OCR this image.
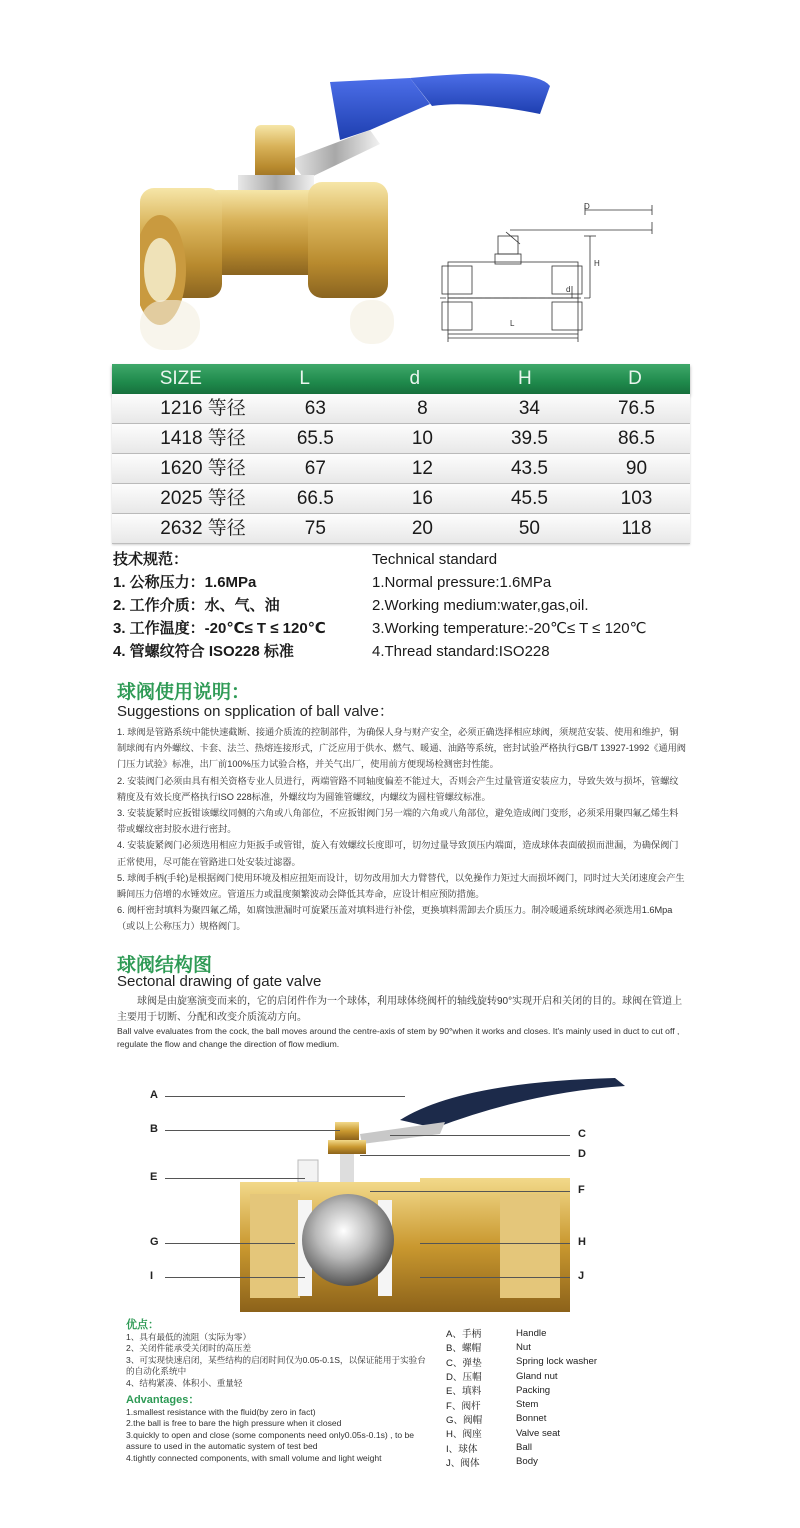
D
H
d
L
SIZE	L	d	H	D
1216 等径	63	8	34	76.5
1418 等径	65.5	10	39.5	86.5
1620 等径	67	12	43.5	90
2025 等径	66.5	16	45.5	103
2632 等径	75	20	50	118
技术规范：
1. 公称压力：1.6MPa
2. 工作介质：水、气、油
3. 工作温度：-20℃≤ T ≤ 120℃
4. 管螺纹符合 ISO228 标准
Technical standard
1.Normal pressure:1.6MPa
2.Working medium:water,gas,oil.
3.Working temperature:-20℃≤ T ≤ 120℃
4.Thread standard:ISO228
球阀使用说明：
Suggestions on spplication of ball valve：

1. 球阀是管路系统中能快速截断、接通介质流的控制部件，为确保人身与财产安全，必须正确选择相应球阀，须规范安装、使用和维护，铜制球阀有内外螺纹、卡套、法兰、热熔连接形式，广泛应用于供水、燃气、暖通、油路等系统，密封试验严格执行GB/T 13927-1992《通用阀门压力试验》标准，出厂前100%压力试验合格，并关气出厂，使用前方便现场检测密封性能。

2. 安装阀门必须由具有相关资格专业人员进行，两端管路不同轴度偏差不能过大，否则会产生过量管道安装应力，导致失效与损坏，管螺纹精度及有效长度严格执行ISO 228标准，外螺纹均为圆锥管螺纹，内螺纹为圆柱管螺纹标准。

3. 安装旋紧时应扳钳该螺纹同侧的六角或八角部位，不应扳钳阀门另一端的六角或八角部位，避免造成阀门变形，必须采用聚四氟乙烯生料带或螺纹密封胶水进行密封。

4. 安装旋紧阀门必须选用相应力矩扳手或管钳，旋入有效螺纹长度即可，切勿过量导致顶压内端面，造成球体表面破损而泄漏，为确保阀门正常使用，尽可能在管路进口处安装过滤器。

5. 球阀手柄(手轮)是根据阀门使用环境及相应扭矩而设计，切勿改用加大力臂替代，以免操作力矩过大而损坏阀门，同时过大关闭速度会产生瞬间压力倍增的水锤效应。管道压力或温度频繁波动会降低其寿命，应设计相应预防措施。

6. 阀杆密封填料为聚四氟乙烯，如腐蚀泄漏时可旋紧压盖对填料进行补偿，更换填料需卸去介质压力。制冷暖通系统球阀必须选用1.6Mpa（或以上公称压力）规格阀门。

球阀结构图
Sectonal drawing of gate valve
球阀是由旋塞演变而来的，它的启闭件作为一个球体，利用球体绕阀杆的轴线旋转90°实现开启和关闭的目的。球阀在管道上主要用于切断、分配和改变介质流动方向。
Ball valve evaluates from the cock, the ball moves around the centre-axis of stem by 90°when it works and closes. It's mainly used in duct to cut off , regulate the flow and change the direction of flow medium.
A
B	C
D
E
F
G	H
I	J

优点：

1、具有最低的流阻（实际为零）

2、关闭件能承受关闭时的高压差

3、可实现快速启闭，某些结构的启闭时间仅为0.05-0.1S，以保证能用于实验台的自动化系统中

4、结构紧凑、体积小、重量轻

Advantages：

1.smallest resistance with the fluid(by zero in fact)

2.the ball is free to bare the high pressure when it closed

3.quickly to open and close (some components need only0.05s-0.1s) , to be assure to used in the automatic system of test bed

4.tightly connected components, with small volume and light weight

A、手柄	Handle
B、螺帽	Nut
C、弹垫	Spring lock washer
D、压帽	Gland nut
E、填料	Packing
F、阀杆	Stem
G、阀帽	Bonnet
H、阀座	Valve seat
I、球体	Ball
J、阀体	Body
